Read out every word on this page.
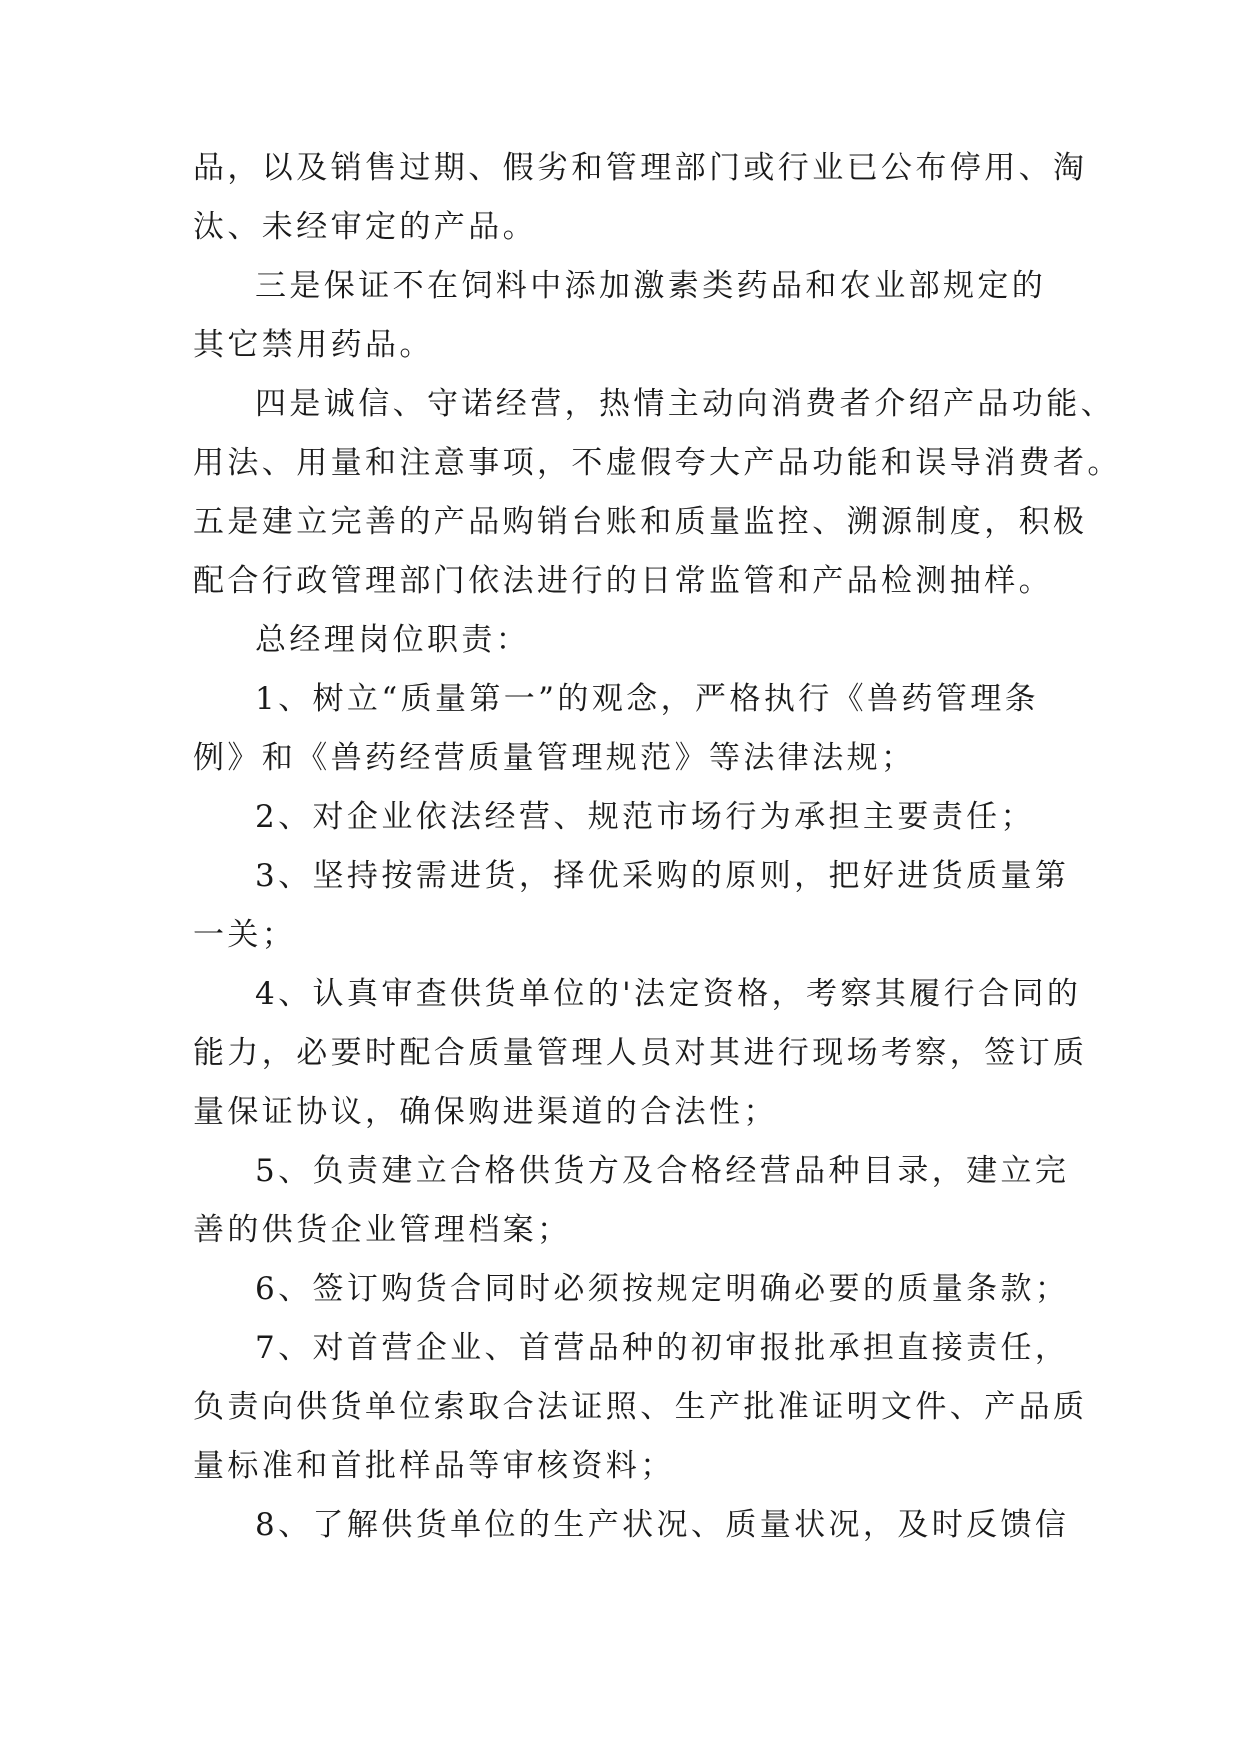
品，以及销售过期、假劣和管理部门或行业已公布停用、淘
汰、未经审定的产品。
三是保证不在饲料中添加激素类药品和农业部规定的
其它禁用药品。
四是诚信、守诺经营，热情主动向消费者介绍产品功能、
用法、用量和注意事项，不虚假夸大产品功能和误导消费者。
五是建立完善的产品购销台账和质量监控、溯源制度，积极
配合行政管理部门依法进行的日常监管和产品检测抽样。
总经理岗位职责：
1、树立“质量第一”的观念，严格执行《兽药管理条
例》和《兽药经营质量管理规范》等法律法规；
2、对企业依法经营、规范市场行为承担主要责任；
3、坚持按需进货，择优采购的原则，把好进货质量第
一关；
4、认真审查供货单位的'法定资格，考察其履行合同的
能力，必要时配合质量管理人员对其进行现场考察，签订质
量保证协议，确保购进渠道的合法性；
5、负责建立合格供货方及合格经营品种目录，建立完
善的供货企业管理档案；
6、签订购货合同时必须按规定明确必要的质量条款；
7、对首营企业、首营品种的初审报批承担直接责任，
负责向供货单位索取合法证照、生产批准证明文件、产品质
量标准和首批样品等审核资料；
8、了解供货单位的生产状况、质量状况，及时反馈信
